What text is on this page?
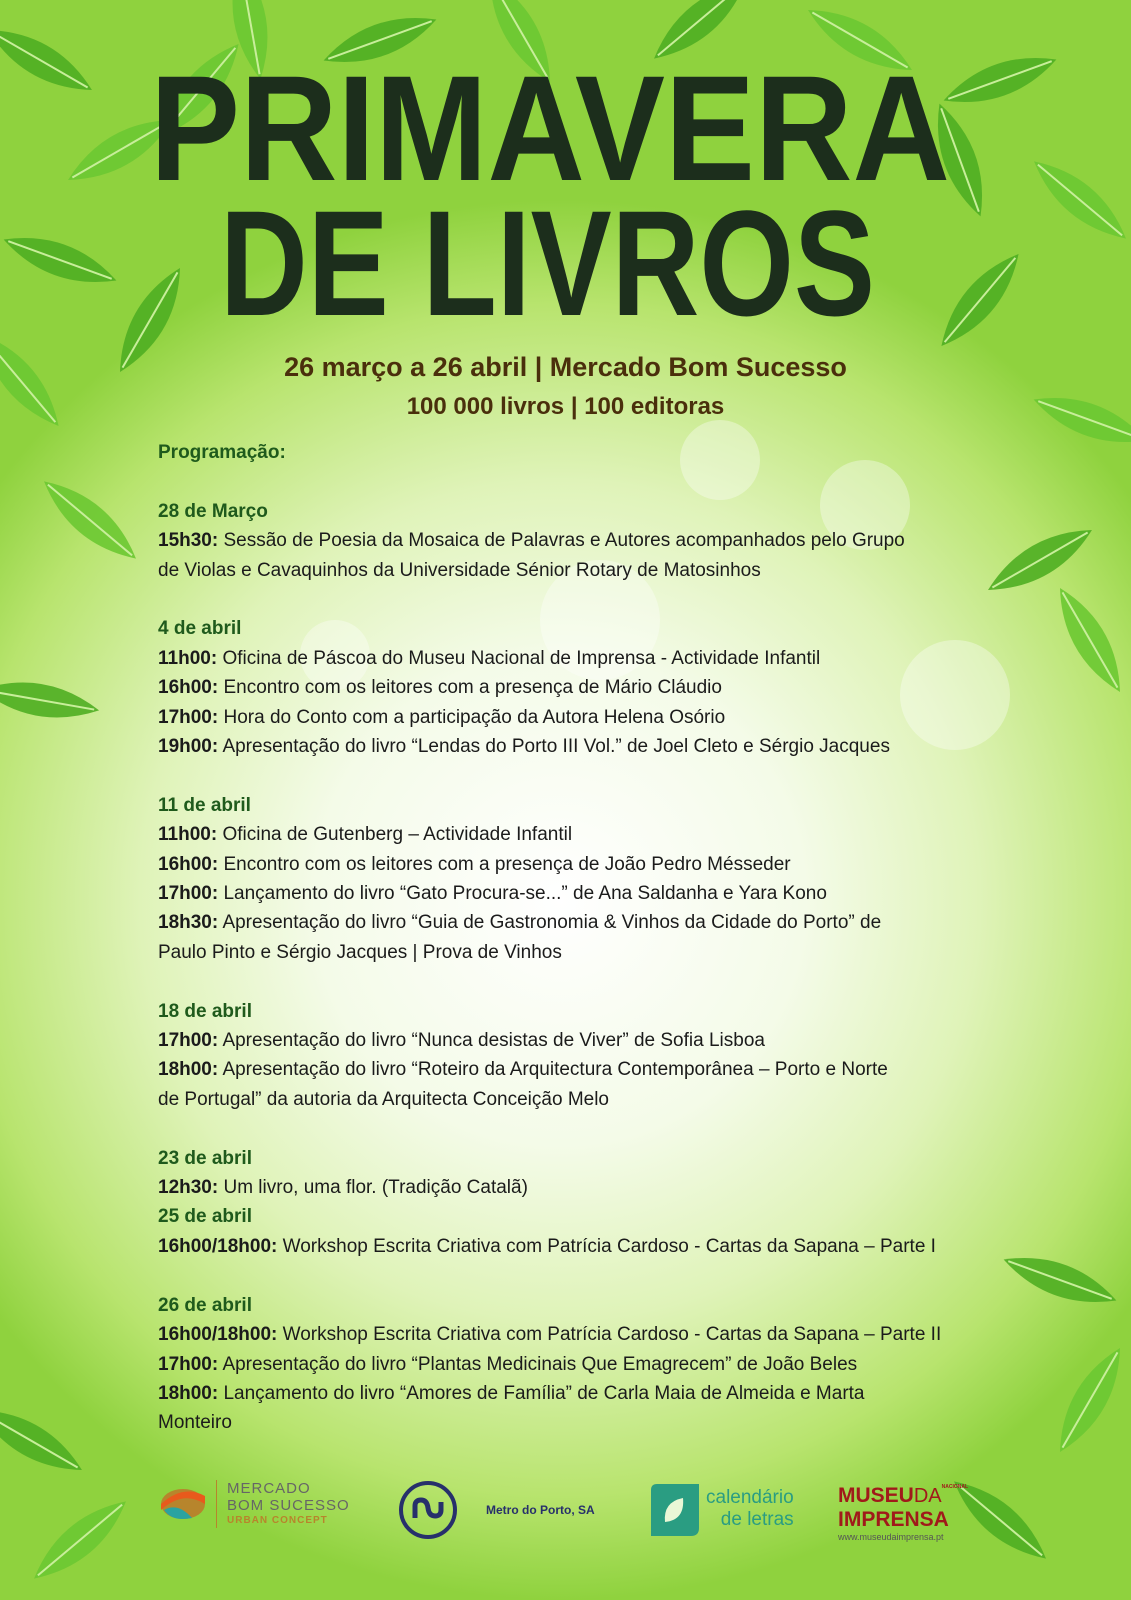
PRIMAVERA
DE LIVROS
26 março a 26 abril | Mercado Bom Sucesso
100 000 livros | 100 editoras
Programação:
28 de Março
15h30: Sessão de Poesia da Mosaica de Palavras e Autores acompanhados pelo Grupo
de Violas e Cavaquinhos da Universidade Sénior Rotary de Matosinhos
4 de abril
11h00: Oficina de Páscoa do Museu Nacional de Imprensa - Actividade Infantil
16h00: Encontro com os leitores com a presença de Mário Cláudio
17h00: Hora do Conto com a participação da Autora Helena Osório
19h00: Apresentação do livro “Lendas do Porto III Vol.” de Joel Cleto e Sérgio Jacques
11 de abril
11h00: Oficina de Gutenberg – Actividade Infantil
16h00: Encontro com os leitores com a presença de João Pedro Mésseder
17h00: Lançamento do livro “Gato Procura-se...” de Ana Saldanha e Yara Kono
18h30: Apresentação do livro “Guia de Gastronomia & Vinhos da Cidade do Porto” de
Paulo Pinto e Sérgio Jacques | Prova de Vinhos
18 de abril
17h00: Apresentação do livro “Nunca desistas de Viver” de Sofia Lisboa
18h00: Apresentação do livro “Roteiro da Arquitectura Contemporânea – Porto e Norte
de Portugal” da autoria da Arquitecta Conceição Melo
23 de abril
12h30: Um livro, uma flor. (Tradição Catalã)
25 de abril
16h00/18h00: Workshop Escrita Criativa com Patrícia Cardoso - Cartas da Sapana – Parte I
26 de abril
16h00/18h00: Workshop Escrita Criativa com Patrícia Cardoso - Cartas da Sapana – Parte II
17h00: Apresentação do livro “Plantas Medicinais Que Emagrecem” de João Beles
18h00: Lançamento do livro “Amores de Família” de Carla Maia de Almeida e Marta
Monteiro
MERCADO
BOM SUCESSO
URBAN CONCEPT
Metro do Porto, SA
calendário
de letras
$MUSEUDA^{NACIONAL}$
IMPRENSA
www.museudaimprensa.pt
